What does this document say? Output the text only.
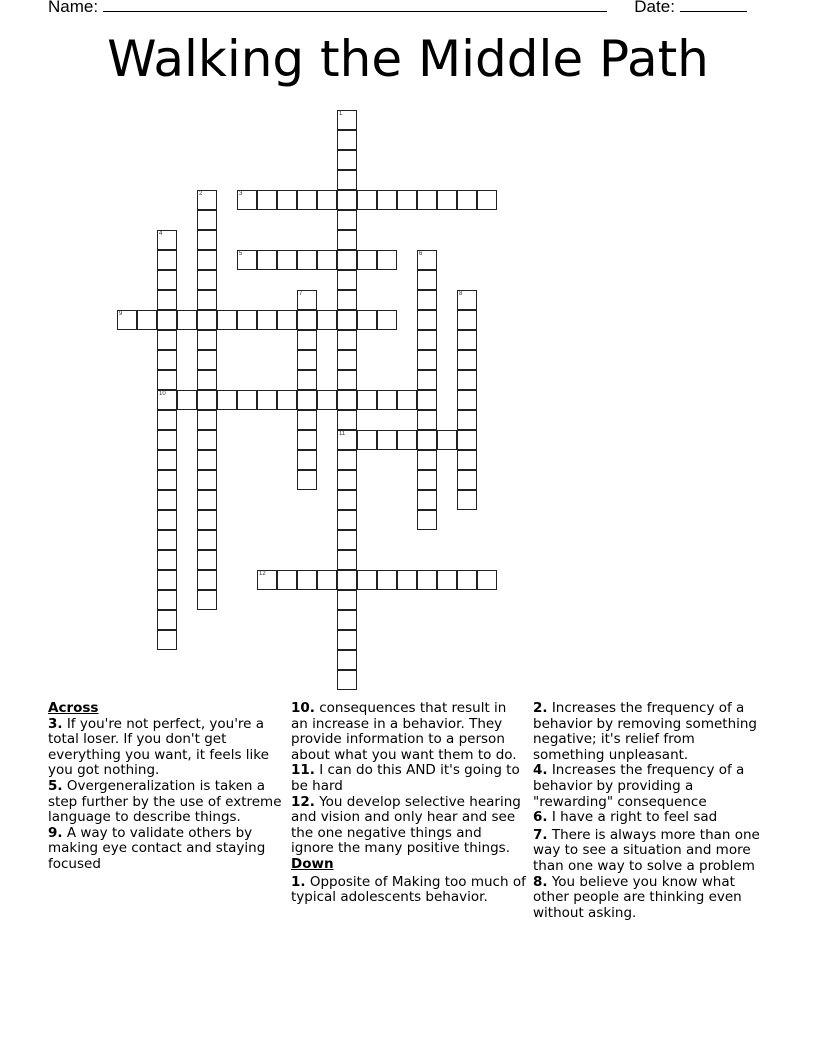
Name:	Date:
Walking the Middle Path
1
11
2	3
4
10
5	6
7	8
9
12
Across

3. If you're not perfect, you're a total loser. If you don't get everything you want, it feels like you got nothing.

5. Overgeneralization is taken a step further by the use of extreme language to describe things.

9. A way to validate others by making eye contact and staying focused

10. consequences that result in an increase in a behavior. They provide information to a person about what you want them to do.

11. I can do this AND it's going to be hard

12. You develop selective hearing and vision and only hear and see the one negative things and ignore the many positive things.

Down

1. Opposite of Making too much of typical adolescents behavior.

2. Increases the frequency of a behavior by removing something negative; it's relief from something unpleasant.

4. Increases the frequency of a behavior by providing a "rewarding" consequence

6. I have a right to feel sad

7. There is always more than one way to see a situation and more than one way to solve a problem

8. You believe you know what other people are thinking even without asking.
